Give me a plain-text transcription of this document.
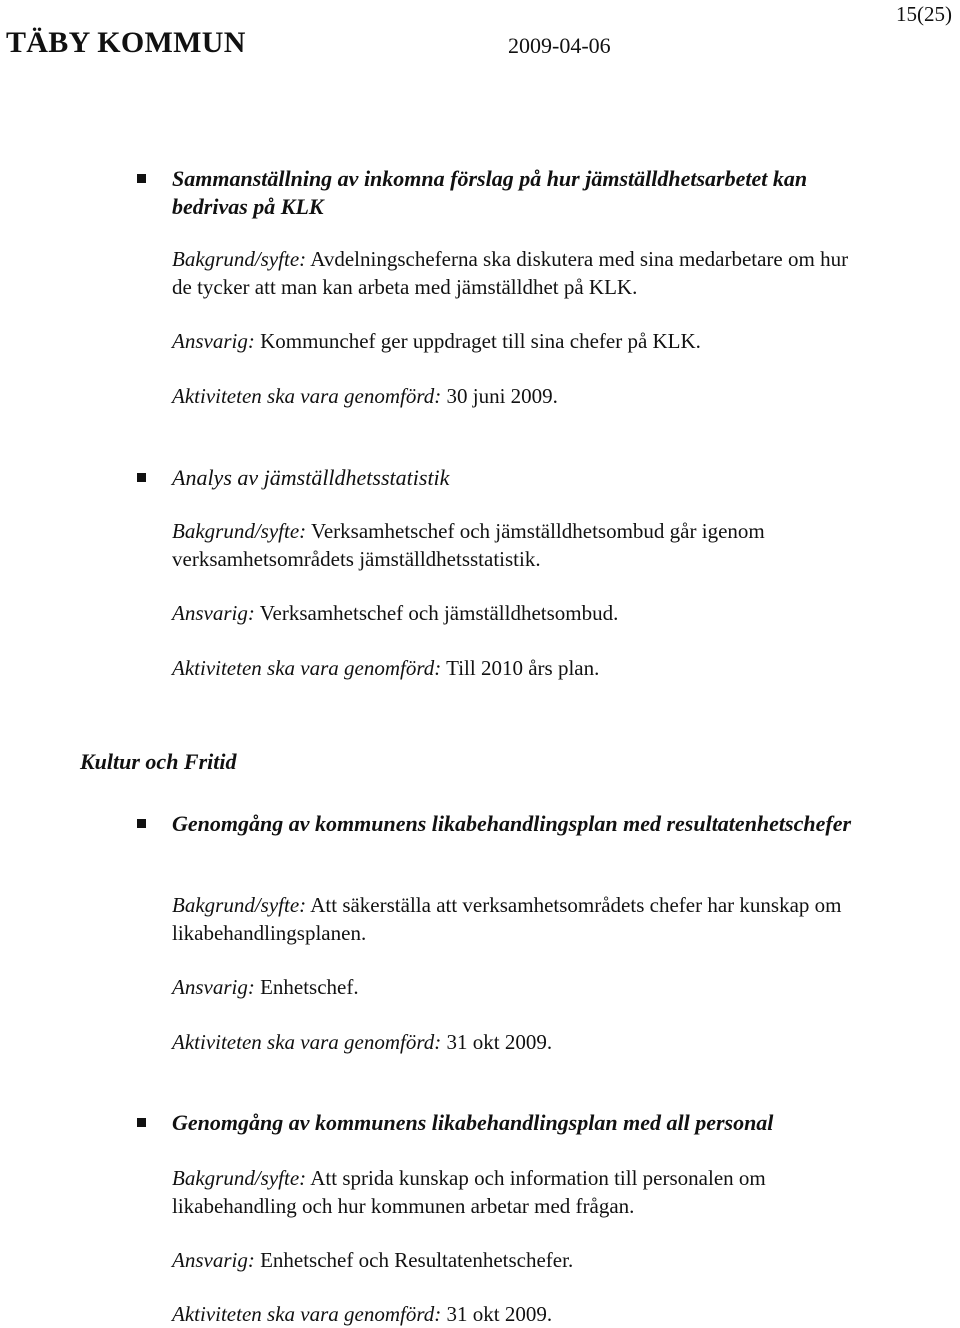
15(25)
TÄBY KOMMUN	2009-04-06

Sammanställning av inkomna förslag på hur jämställdhetsarbetet kan bedrivas på KLK

Bakgrund/syfte: Avdelningscheferna ska diskutera med sina medarbetare om hur de tycker att man kan arbeta med jämställdhet på KLK.

Ansvarig: Kommunchef ger uppdraget till sina chefer på KLK.

Aktiviteten ska vara genomförd: 30 juni 2009.

Analys av jämställdhetsstatistik

Bakgrund/syfte: Verksamhetschef och jämställdhetsombud går igenom verksamhetsområdets jämställdhetsstatistik.

Ansvarig: Verksamhetschef och jämställdhetsombud.

Aktiviteten ska vara genomförd: Till 2010 års plan.

Kultur och Fritid

Genomgång av kommunens likabehandlingsplan med resultatenhetschefer

Bakgrund/syfte: Att säkerställa att verksamhetsområdets chefer har kunskap om likabehandlingsplanen.

Ansvarig: Enhetschef.

Aktiviteten ska vara genomförd: 31 okt 2009.

Genomgång av kommunens likabehandlingsplan med all personal

Bakgrund/syfte: Att sprida kunskap och information till personalen om likabehandling och hur kommunen arbetar med frågan.

Ansvarig: Enhetschef och Resultatenhetschefer.

Aktiviteten ska vara genomförd: 31 okt 2009.
